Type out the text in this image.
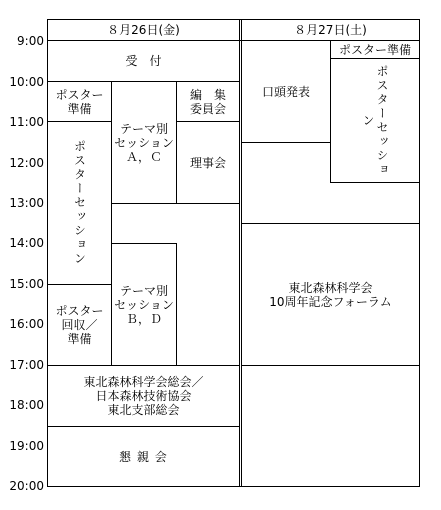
9:00
10:00
11:00
12:00
13:00
14:00
15:00
16:00
17:00
18:00
19:00
20:00
８月26日(金)	８月27日(土)
受　付
ポスター
準備
テーマ別
セッション
Ａ，Ｃ
編　集
委員会
理事会
ポスターセッション
テーマ別
セッション
Ｂ，Ｄ
ポスター
回収／
準備
東北森林科学会総会／
日本森林技術協会
東北支部総会
懇 親 会
口頭発表
ポスター準備
ポスターセッション
東北森林科学会
10周年記念フォーラム
